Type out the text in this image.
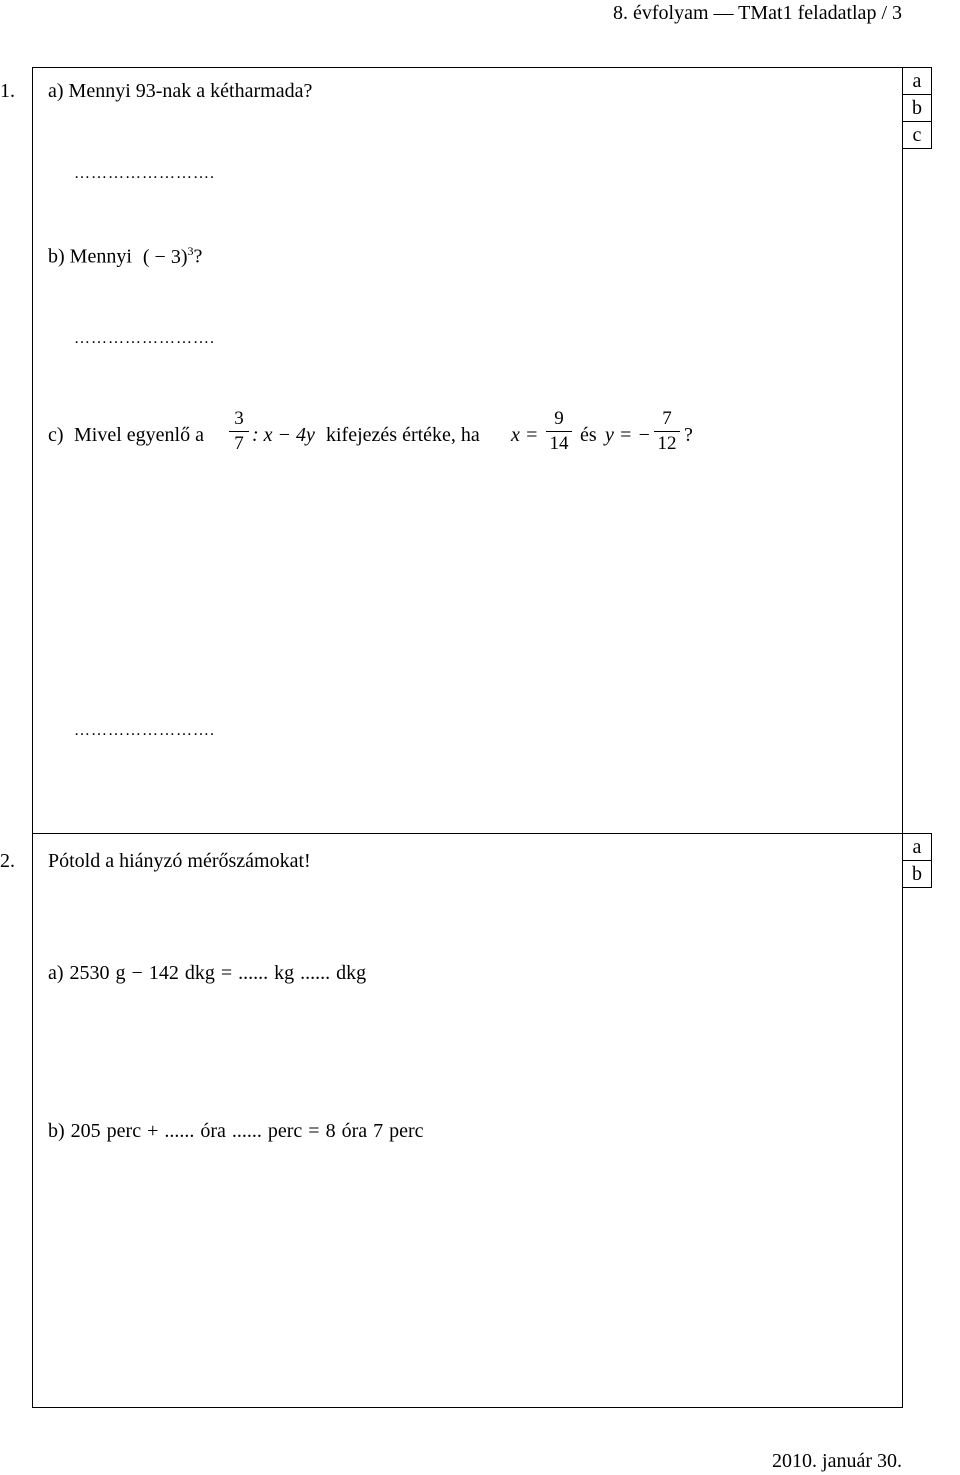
8. évfolyam — TMat1 feladatlap / 3
1.	a
b
c
a) Mennyi 93-nak a kétharmada?
…………………….
b) Mennyi ( − 3)$^3$?
…………………….
c) Mivel egyenlő a
3
7 : x − 4y kifejezés értéke, ha x =
9
14 és y = −
7
12 ?
…………………….
2. Pótold a hiányzó mérőszámokat!
a
b
a) 2530 g − 142 dkg = ...... kg ...... dkg
b) 205 perc + ...... óra ...... perc = 8 óra 7 perc
2010. január 30.
